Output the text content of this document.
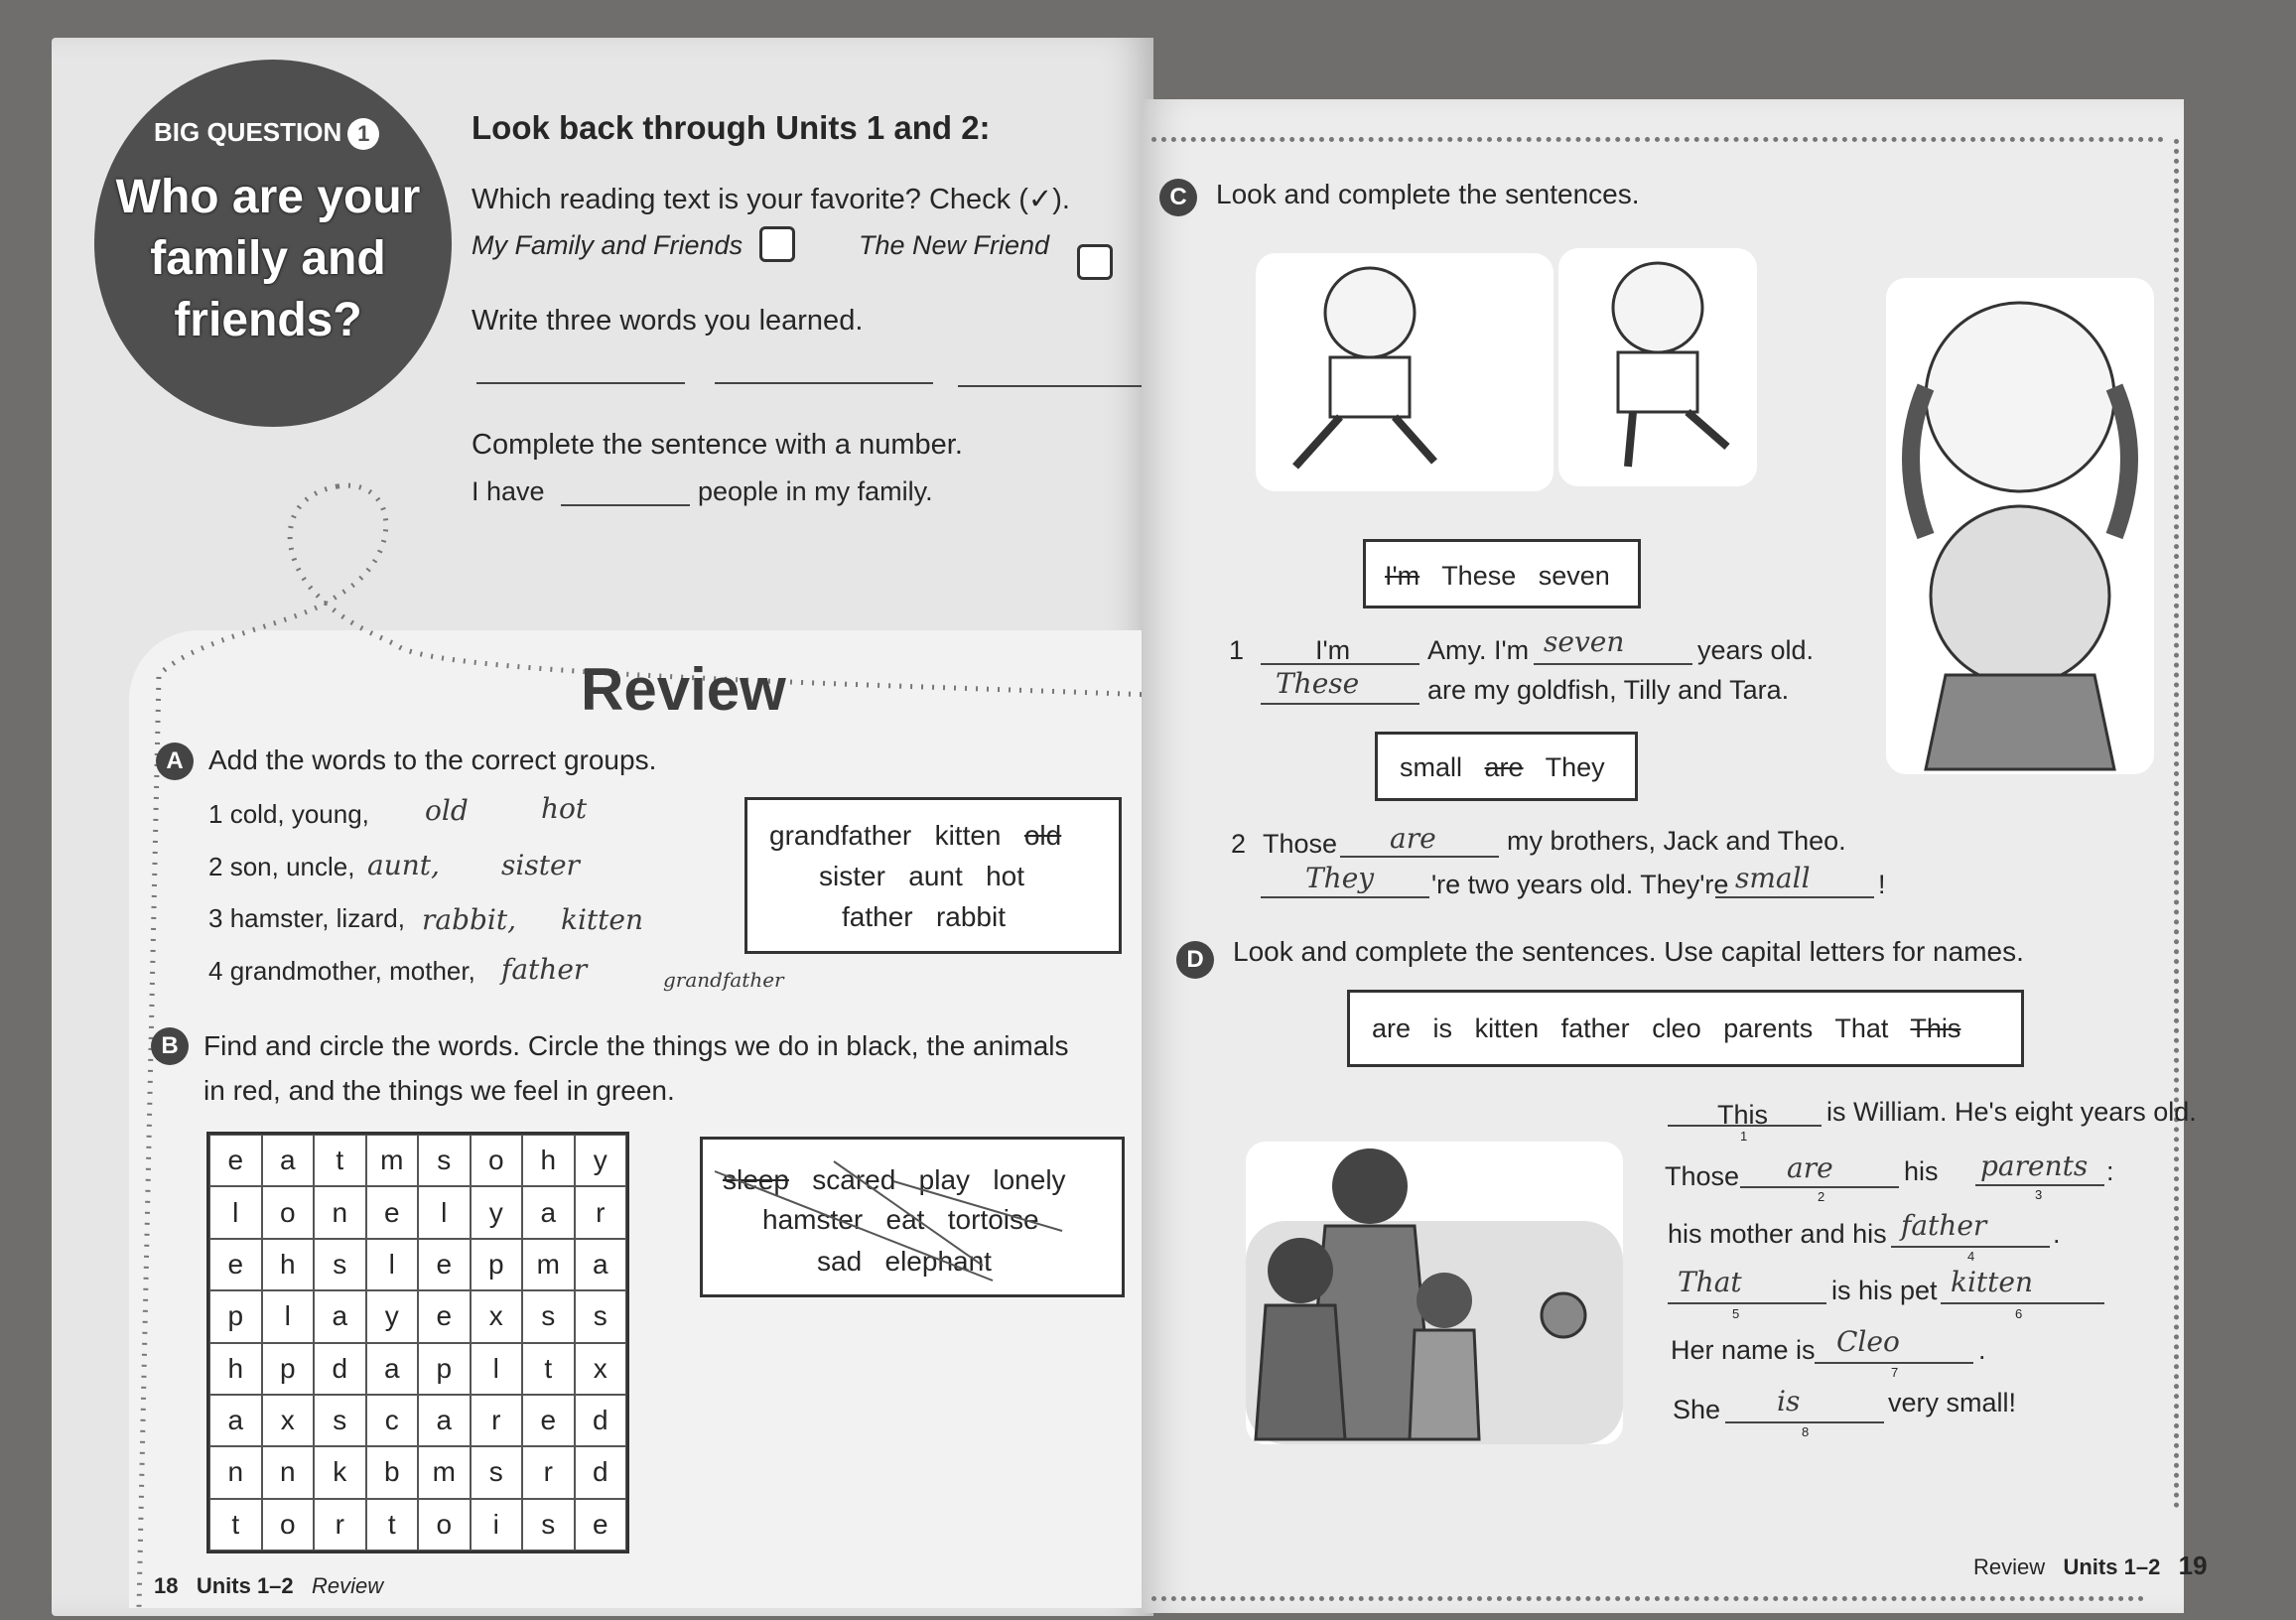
BIG QUESTION 1
Who are your family and friends?
Look back through Units 1 and 2:
Which reading text is your favorite? Check (✓).
My Family and Friends	The New Friend
Write three words you learned.
Complete the sentence with a number.
I have	people in my family.
Review
A Add the words to the correct groups.
1 cold, young, old	hot
2 son, uncle, aunt, sister
3 hamster, lizard, rabbit, kitten
4 grandmother, mother, father	grandfather
grandfather kitten old
sister aunt hot
father rabbit
B Find and circle the words. Circle the things we do in black, the animals
in red, and the things we feel in green.
e	a	t	m	s	o	h	y
l	o	n	e	l	y	a	r
e	h	s	l	e	p	m	a
p	l	a	y	e	x	s	s
h	p	d	a	p	l	t	x
a	x	s	c	a	r	e	d
n	n	k	b	m	s	r	d
t	o	r	t	o	i	s	e
sleep scared play lonely
hamster eat tortoise
sad elephant
18 Units 1–2 Review
C	Look and complete the sentences.
I'm These seven
1	I'm	Amy. I'm seven	years old.
These	are my goldfish, Tilly and Tara.
small are They
2 Those are	my brothers, Jack and Theo.
They 're two years old. They're small	!
D	Look and complete the sentences. Use capital letters for names.
are is kitten father cleo parents That This
This
1
is William. He's eight years old.
Those are
2
his parents
3
:
his mother and his father
4
.
That
5
is his pet kitten
6
Her name is Cleo
7
.
She is
8
very small!
Review Units 1–2 19
